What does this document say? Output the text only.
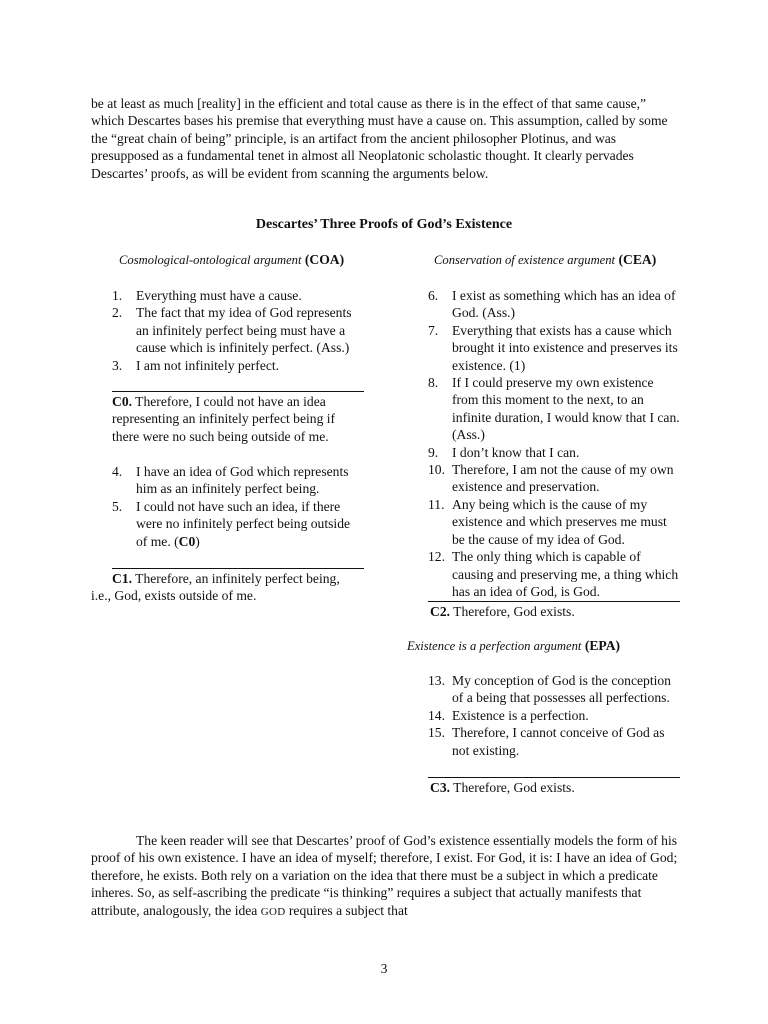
be at least as much [reality] in the efficient and total cause as there is in the effect of that same cause,” which Descartes bases his premise that everything must have a cause on. This assumption, called by some the “great chain of being” principle, is an artifact from the ancient philosopher Plotinus, and was presupposed as a fundamental tenet in almost all Neoplatonic scholastic thought. It clearly pervades Descartes’ proofs, as will be evident from scanning the arguments below.

Descartes’ Three Proofs of God’s Existence

Cosmological-ontological argument (COA)

1.	Everything must have a cause.
2.	The fact that my idea of God represents an infinitely perfect being must have a cause which is infinitely perfect. (Ass.)
3.	I am not infinitely perfect.

C0. Therefore, I could not have an idea representing an infinitely perfect being if there were no such being outside of me.

4.	I have an idea of God which represents him as an infinitely perfect being.
5.	I could not have such an idea, if there were no infinitely perfect being outside of me. (C0)

C1. Therefore, an infinitely perfect being,

i.e., God, exists outside of me.

Conservation of existence argument (CEA)

6.	I exist as something which has an idea of God. (Ass.)
7.	Everything that exists has a cause which brought it into existence and preserves its existence. (1)
8.	If I could preserve my own existence from this moment to the next, to an infinite duration, I would know that I can. (Ass.)
9.	I don’t know that I can.
10. Therefore, I am not the cause of my own existence and preservation.
11. Any being which is the cause of my existence and which preserves me must be the cause of my idea of God.
12. The only thing which is capable of causing and preserving me, a thing which has an idea of God, is God.

C2. Therefore, God exists.

Existence is a perfection argument (EPA)

13. My conception of God is the conception of a being that possesses all perfections.
14. Existence is a perfection.
15. Therefore, I cannot conceive of God as not existing.

C3. Therefore, God exists.

The keen reader will see that Descartes’ proof of God’s existence essentially models the form of his proof of his own existence. I have an idea of myself; therefore, I exist. For God, it is: I have an idea of God; therefore, he exists. Both rely on a variation on the idea that there must be a subject in which a predicate inheres. So, as self-ascribing the predicate “is thinking” requires a subject that actually manifests that attribute, analogously, the idea GOD requires a subject that

3
